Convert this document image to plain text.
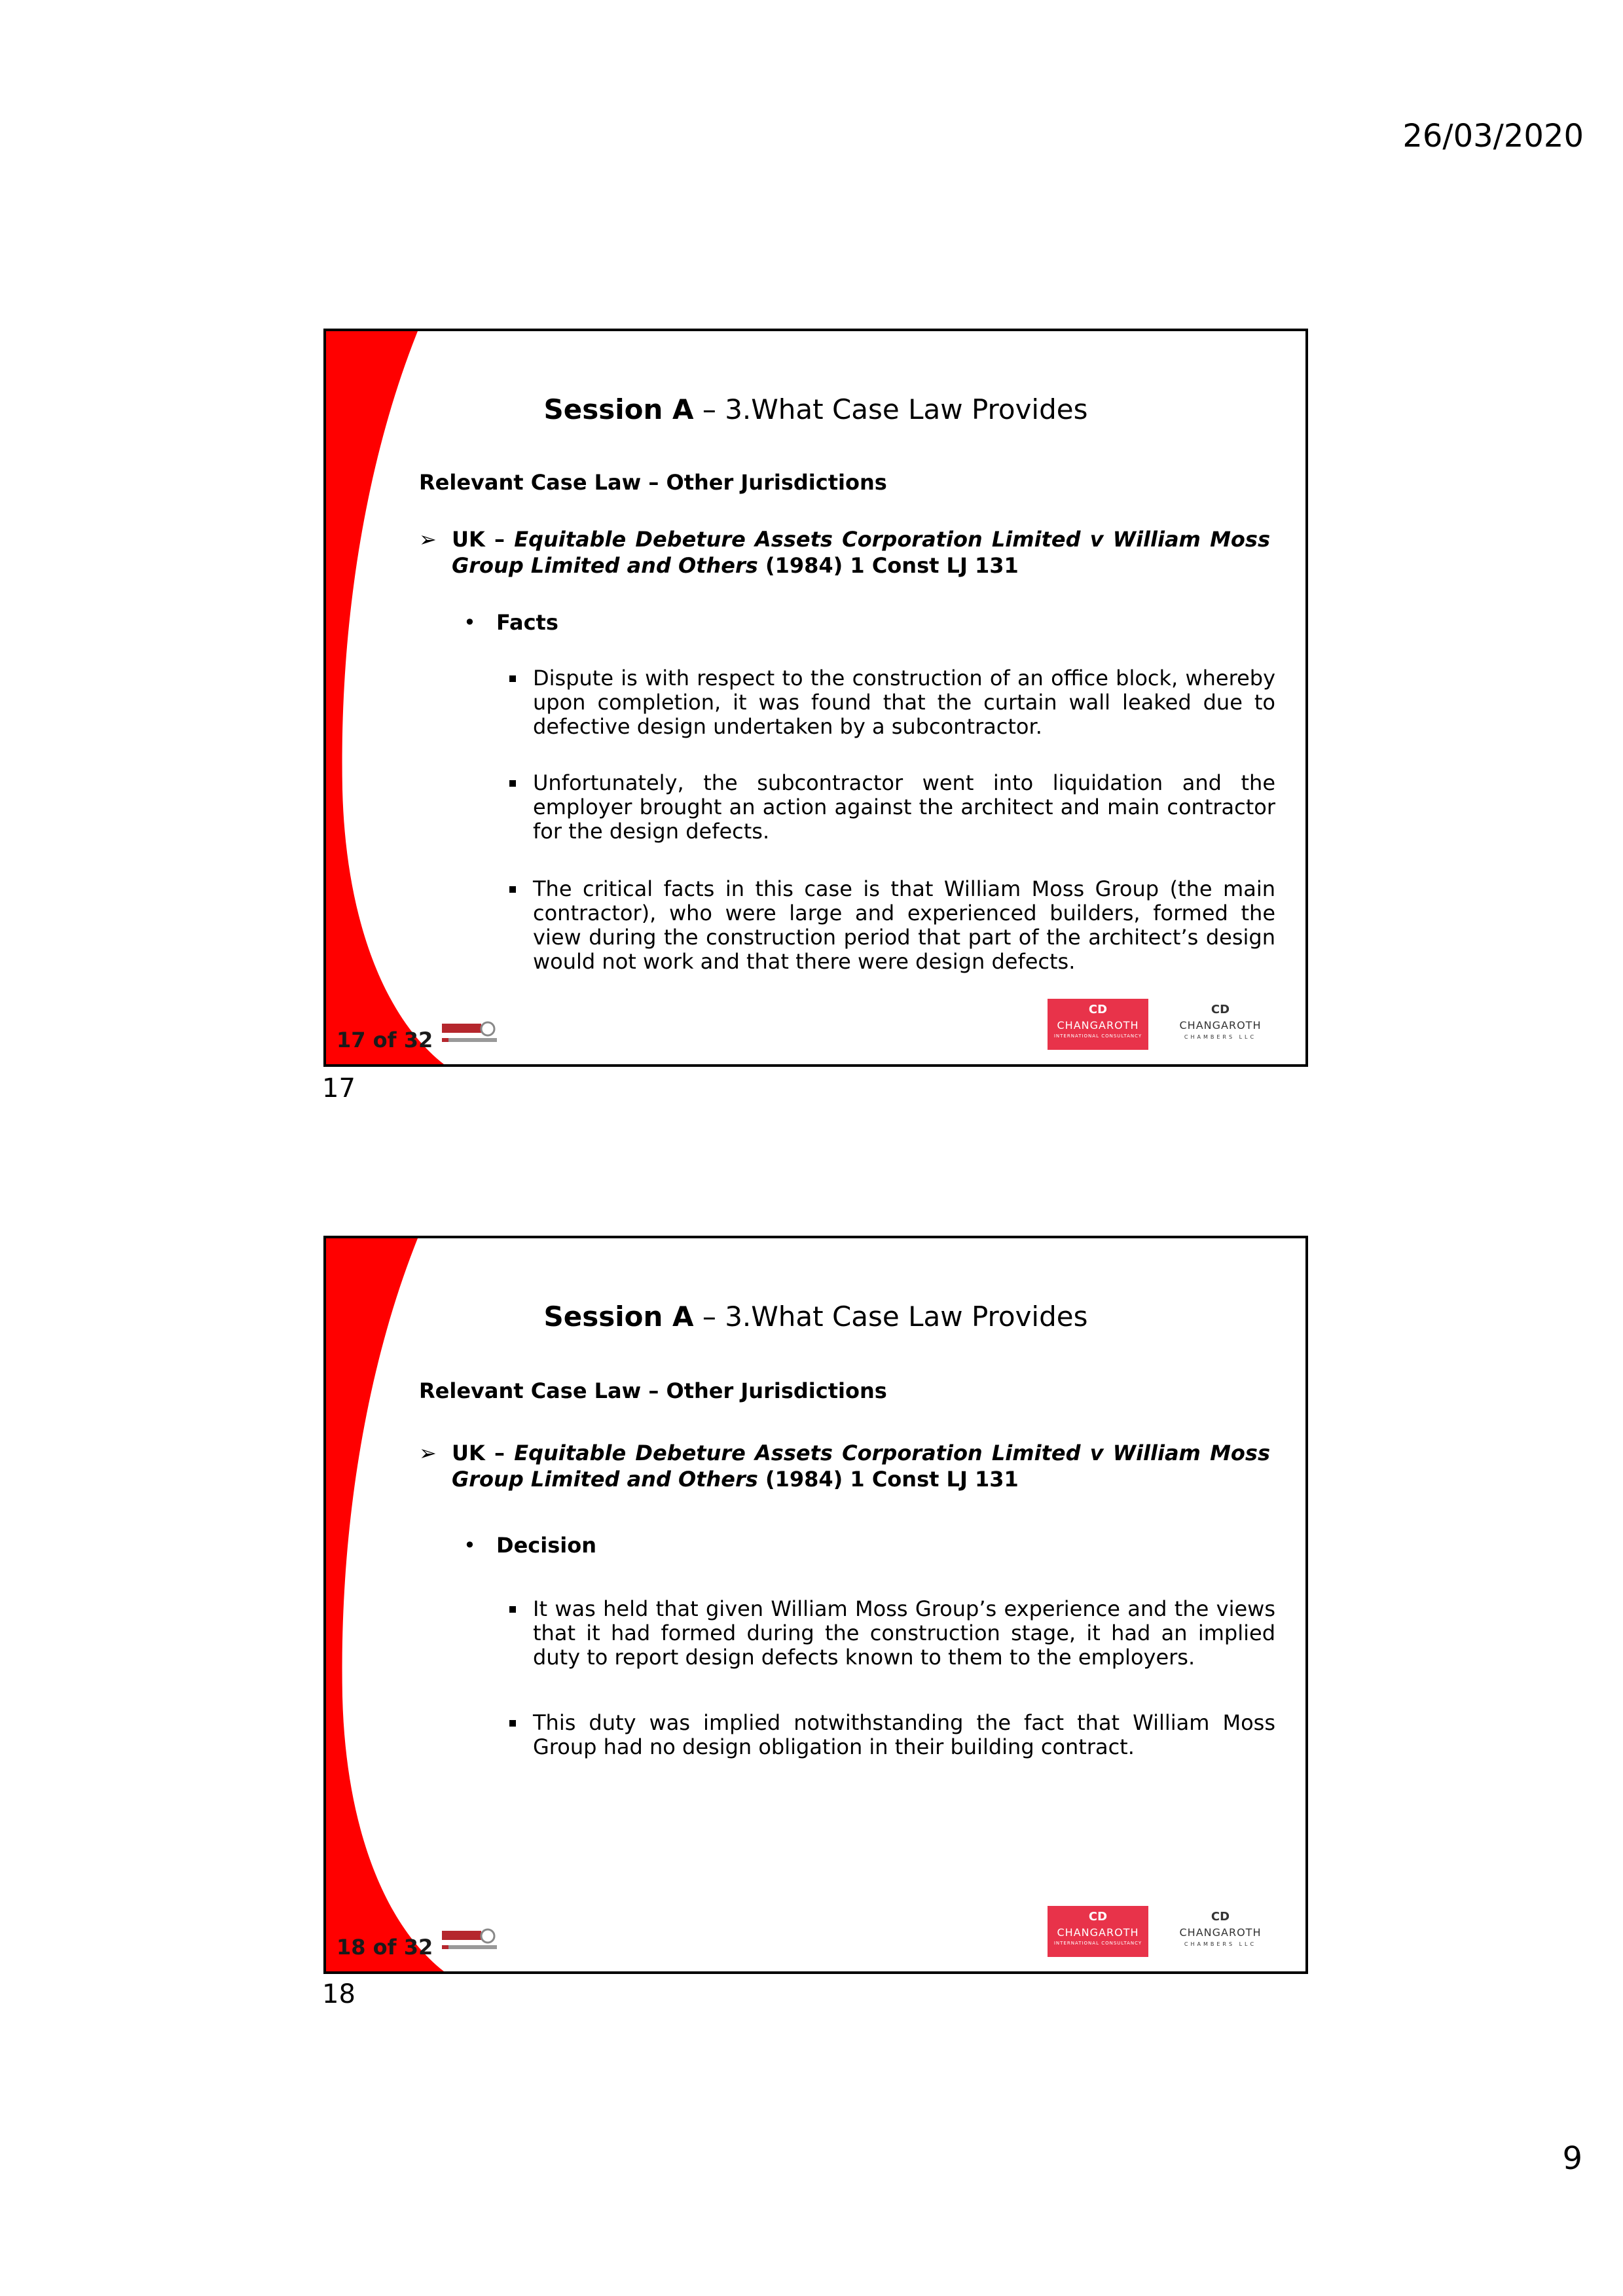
26/03/2020
Session A – 3.What Case Law Provides
Relevant Case Law – Other Jurisdictions
➢ UK – Equitable Debeture Assets Corporation Limited v William Moss Group Limited and Others (1984) 1 Const LJ 131
• Facts
Dispute is with respect to the construction of an office block, whereby upon completion, it was found that the curtain wall leaked due to defective design undertaken by a subcontractor.
Unfortunately, the subcontractor went into liquidation and the employer brought an action against the architect and main contractor for the design defects.
The critical facts in this case is that William Moss Group (the main contractor), who were large and experienced builders, formed the view during the construction period that part of the architect’s design would not work and that there were design defects.
17 of 32
CD
CHANGAROTH
INTERNATIONAL CONSULTANCY
CD
CHANGAROTH
CHAMBERS LLC
17
Session A – 3.What Case Law Provides
Relevant Case Law – Other Jurisdictions
➢ UK – Equitable Debeture Assets Corporation Limited v William Moss Group Limited and Others (1984) 1 Const LJ 131
• Decision
It was held that given William Moss Group’s experience and the views that it had formed during the construction stage, it had an implied duty to report design defects known to them to the employers.
This duty was implied notwithstanding the fact that William Moss Group had no design obligation in their building contract.
18 of 32
CD
CHANGAROTH
INTERNATIONAL CONSULTANCY
CD
CHANGAROTH
CHAMBERS LLC
18
9
